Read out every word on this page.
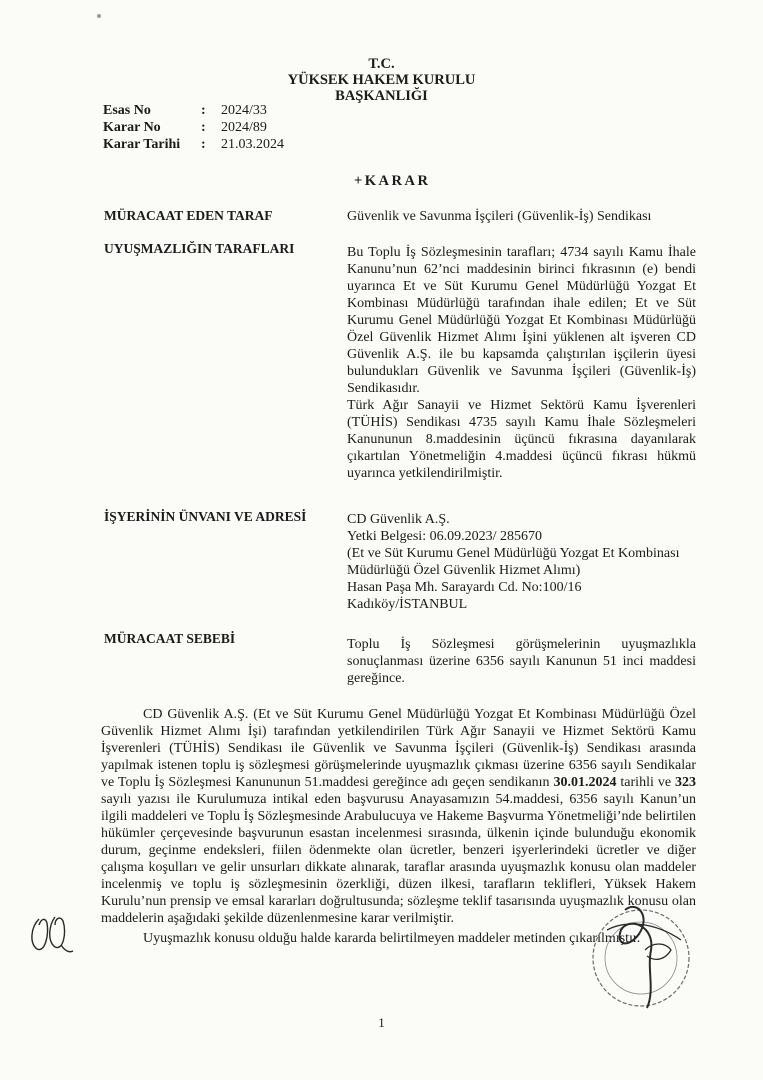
T.C.
YÜKSEK HAKEM KURULU
BAŞKANLIĞI
Esas No	:	2024/33
Karar No	:	2024/89
Karar Tarihi	:	21.03.2024
+KARAR
MÜRACAAT EDEN TARAF	Güvenlik ve Savunma İşçileri (Güvenlik-İş) Sendikası
UYUŞMAZLIĞIN TARAFLARI	Bu Toplu İş Sözleşmesinin tarafları; 4734 sayılı Kamu İhale Kanunu’nun 62’nci maddesinin birinci fıkrasının (e) bendi uyarınca Et ve Süt Kurumu Genel Müdürlüğü Yozgat Et Kombinası Müdürlüğü tarafından ihale edilen; Et ve Süt Kurumu Genel Müdürlüğü Yozgat Et Kombinası Müdürlüğü Özel Güvenlik Hizmet Alımı İşini yüklenen alt işveren CD Güvenlik A.Ş. ile bu kapsamda çalıştırılan işçilerin üyesi bulundukları Güvenlik ve Savunma İşçileri (Güvenlik-İş) Sendikasıdır.

Türk Ağır Sanayii ve Hizmet Sektörü Kamu İşverenleri (TÜHİS) Sendikası 4735 sayılı Kamu İhale Sözleşmeleri Kanununun 8.maddesinin üçüncü fıkrasına dayanılarak çıkartılan Yönetmeliğin 4.maddesi üçüncü fıkrası hükmü uyarınca yetkilendirilmiştir.

İŞYERİNİN ÜNVANI VE ADRESİ	CD Güvenlik A.Ş.
Yetki Belgesi: 06.09.2023/ 285670
(Et ve Süt Kurumu Genel Müdürlüğü Yozgat Et Kombinası
Müdürlüğü Özel Güvenlik Hizmet Alımı)
Hasan Paşa Mh. Sarayardı Cd. No:100/16
Kadıköy/İSTANBUL
MÜRACAAT SEBEBİ	Toplu İş Sözleşmesi görüşmelerinin uyuşmazlıkla sonuçlanması üzerine 6356 sayılı Kanunun 51 inci maddesi gereğince.

CD Güvenlik A.Ş. (Et ve Süt Kurumu Genel Müdürlüğü Yozgat Et Kombinası Müdürlüğü Özel Güvenlik Hizmet Alımı İşi) tarafından yetkilendirilen Türk Ağır Sanayii ve Hizmet Sektörü Kamu İşverenleri (TÜHİS) Sendikası ile Güvenlik ve Savunma İşçileri (Güvenlik-İş) Sendikası arasında yapılmak istenen toplu iş sözleşmesi görüşmelerinde uyuşmazlık çıkması üzerine 6356 sayılı Sendikalar ve Toplu İş Sözleşmesi Kanununun 51.maddesi gereğince adı geçen sendikanın 30.01.2024 tarihli ve 323 sayılı yazısı ile Kurulumuza intikal eden başvurusu Anayasamızın 54.maddesi, 6356 sayılı Kanun’un ilgili maddeleri ve Toplu İş Sözleşmesinde Arabulucuya ve Hakeme Başvurma Yönetmeliği’nde belirtilen hükümler çerçevesinde başvurunun esastan incelenmesi sırasında, ülkenin içinde bulunduğu ekonomik durum, geçinme endeksleri, fiilen ödenmekte olan ücretler, benzeri işyerlerindeki ücretler ve diğer çalışma koşulları ve gelir unsurları dikkate alınarak, taraflar arasında uyuşmazlık konusu olan maddeler incelenmiş ve toplu iş sözleşmesinin özerkliği, düzen ilkesi, tarafların teklifleri, Yüksek Hakem Kurulu’nun prensip ve emsal kararları doğrultusunda; sözleşme teklif tasarısında uyuşmazlık konusu olan maddelerin aşağıdaki şekilde düzenlenmesine karar verilmiştir.

Uyuşmazlık konusu olduğu halde kararda belirtilmeyen maddeler metinden çıkarılmıştır.

1
